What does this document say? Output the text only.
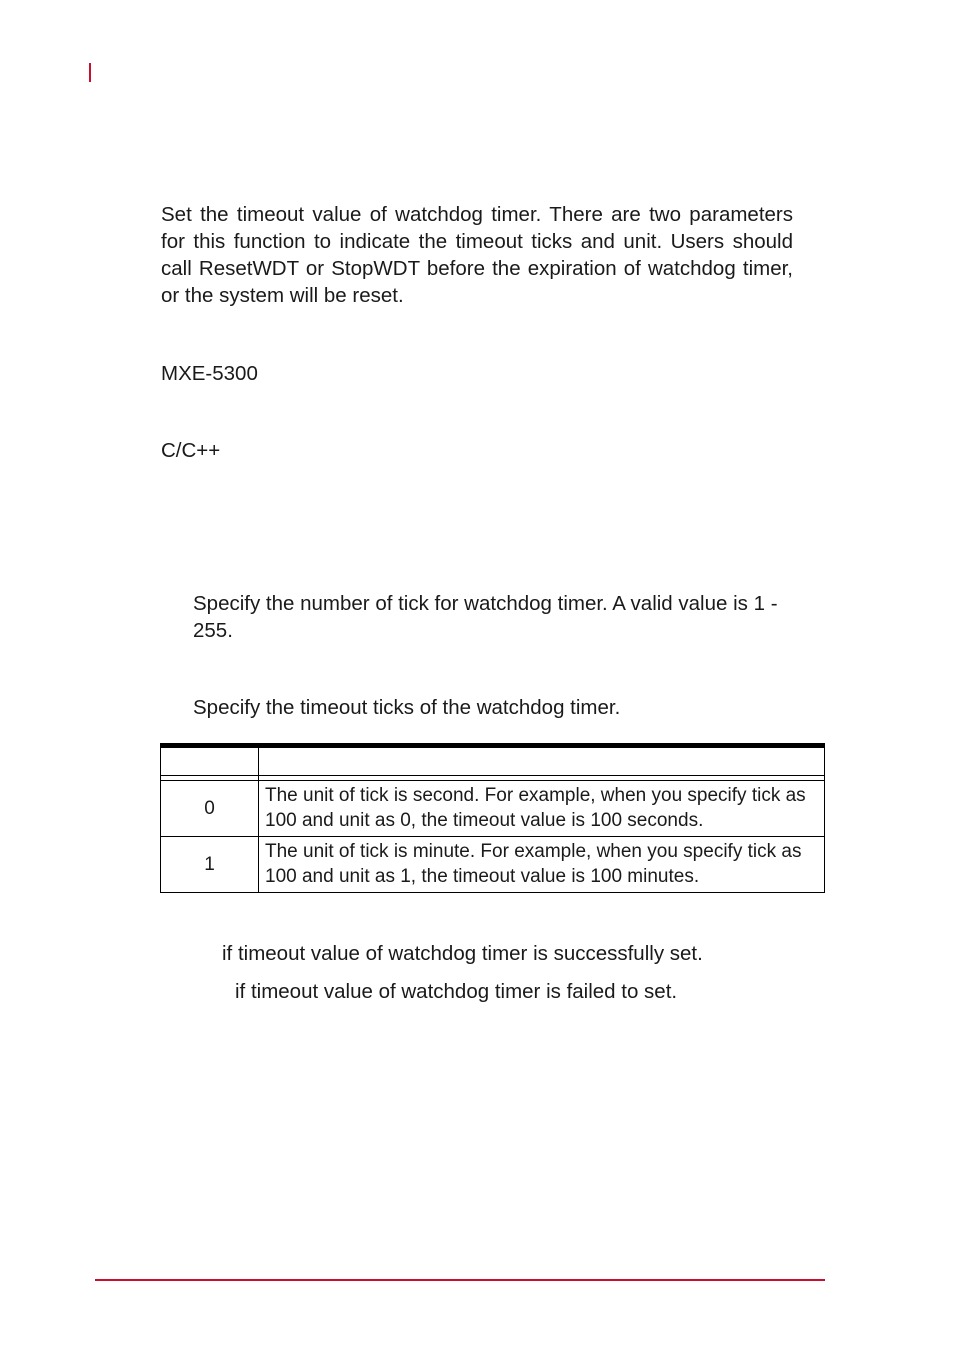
Set the timeout value of watchdog timer. There are two parameters for this function to indicate the timeout ticks and unit. Users should call ResetWDT or StopWDT before the expiration of watchdog timer, or the system will be reset.

MXE-5300

C/C++

Specify the number of tick for watchdog timer. A valid value is 1 - 255.

Specify the timeout ticks of the watchdog timer.

0	The unit of tick is second. For example, when you specify tick as 100 and unit as 0, the timeout value is 100 seconds.
1	The unit of tick is minute. For example, when you specify tick as 100 and unit as 1, the timeout value is 100 minutes.

if timeout value of watchdog timer is successfully set.

if timeout value of watchdog timer is failed to set.
